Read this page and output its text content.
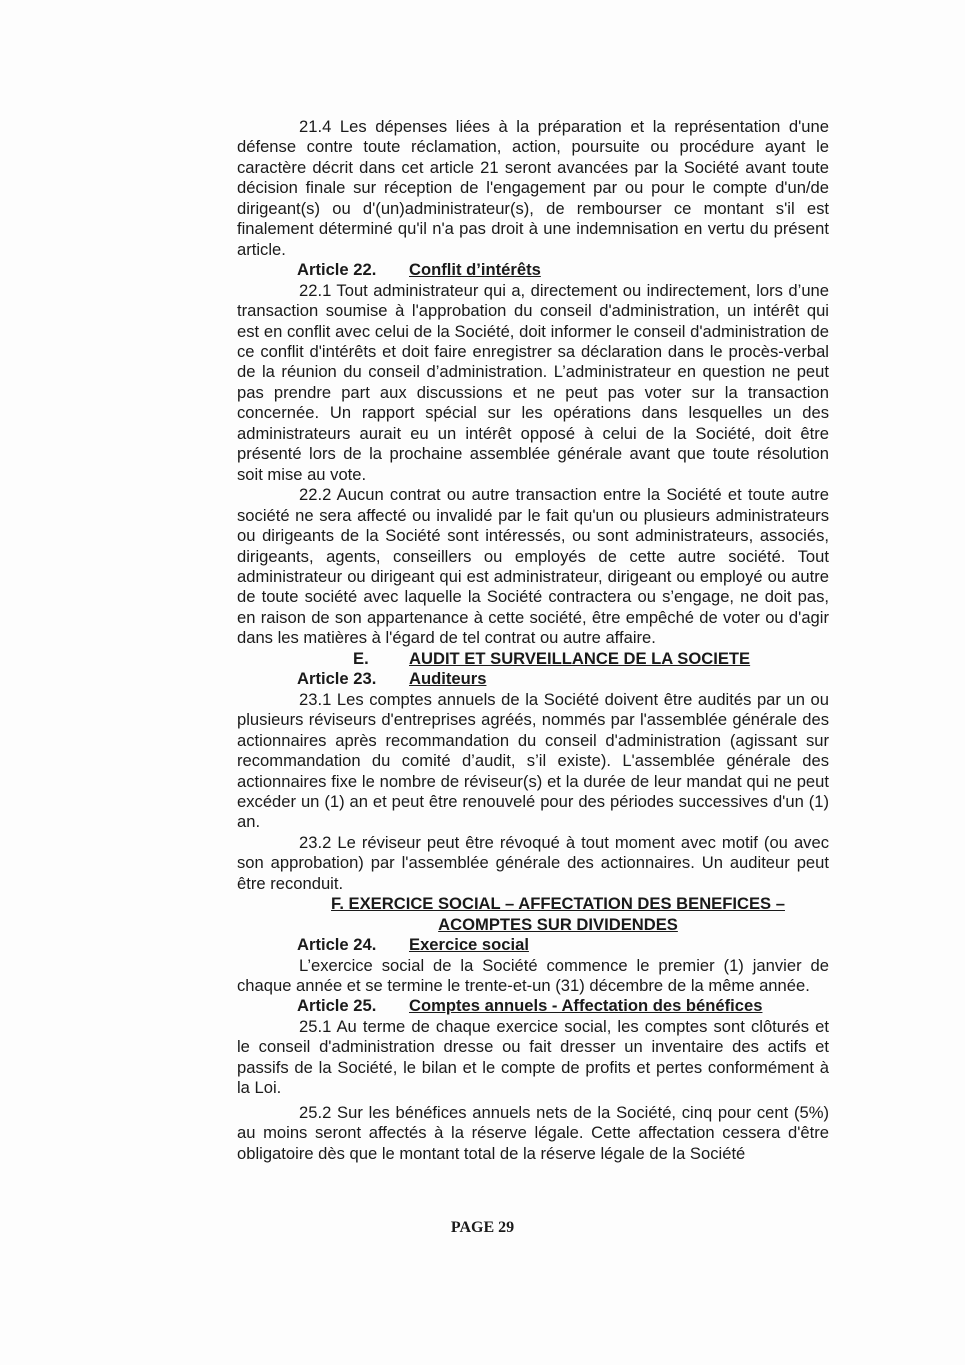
21.4 Les dépenses liées à la préparation et la représentation d'une défense contre toute réclamation, action, poursuite ou procédure ayant le caractère décrit dans cet article 21 seront avancées par la Société avant toute décision finale sur réception de l'engagement par ou pour le compte d'un/de dirigeant(s) ou d'(un)administrateur(s), de rembourser ce montant s'il est finalement déterminé qu'il n'a pas droit à une indemnisation en vertu du présent article.

Article 22. Conflit d’intérêts

22.1 Tout administrateur qui a, directement ou indirectement, lors d’une transaction soumise à l'approbation du conseil d'administration, un intérêt qui est en conflit avec celui de la Société, doit informer le conseil d'administration de ce conflit d'intérêts et doit faire enregistrer sa déclaration dans le procès-verbal de la réunion du conseil d’administration. L’administrateur en question ne peut pas prendre part aux discussions et ne peut pas voter sur la transaction concernée. Un rapport spécial sur les opérations dans lesquelles un des administrateurs aurait eu un intérêt opposé à celui de la Société, doit être présenté lors de la prochaine assemblée générale avant que toute résolution soit mise au vote.

22.2 Aucun contrat ou autre transaction entre la Société et toute autre société ne sera affecté ou invalidé par le fait qu'un ou plusieurs administrateurs ou dirigeants de la Société sont intéressés, ou sont administrateurs, associés, dirigeants, agents, conseillers ou employés de cette autre société. Tout administrateur ou dirigeant qui est administrateur, dirigeant ou employé ou autre de toute société avec laquelle la Société contractera ou s’engage, ne doit pas, en raison de son appartenance à cette société, être empêché de voter ou d'agir dans les matières à l'égard de tel contrat ou autre affaire.

E. AUDIT ET SURVEILLANCE DE LA SOCIETE

Article 23. Auditeurs

23.1 Les comptes annuels de la Société doivent être audités par un ou plusieurs réviseurs d'entreprises agréés, nommés par l'assemblée générale des actionnaires après recommandation du conseil d'administration (agissant sur recommandation du comité d’audit, s’il existe). L'assemblée générale des actionnaires fixe le nombre de réviseur(s) et la durée de leur mandat qui ne peut excéder un (1) an et peut être renouvelé pour des périodes successives d'un (1) an.

23.2 Le réviseur peut être révoqué à tout moment avec motif (ou avec son approbation) par l'assemblée générale des actionnaires. Un auditeur peut être reconduit.

F. EXERCICE SOCIAL – AFFECTATION DES BENEFICES –

ACOMPTES SUR DIVIDENDES

Article 24. Exercice social

L’exercice social de la Société commence le premier (1) janvier de chaque année et se termine le trente-et-un (31) décembre de la même année.

Article 25. Comptes annuels - Affectation des bénéfices

25.1 Au terme de chaque exercice social, les comptes sont clôturés et le conseil d'administration dresse ou fait dresser un inventaire des actifs et passifs de la Société, le bilan et le compte de profits et pertes conformément à la Loi.

25.2 Sur les bénéfices annuels nets de la Société, cinq pour cent (5%) au moins seront affectés à la réserve légale. Cette affectation cessera d'être obligatoire dès que le montant total de la réserve légale de la Société

PAGE 29
